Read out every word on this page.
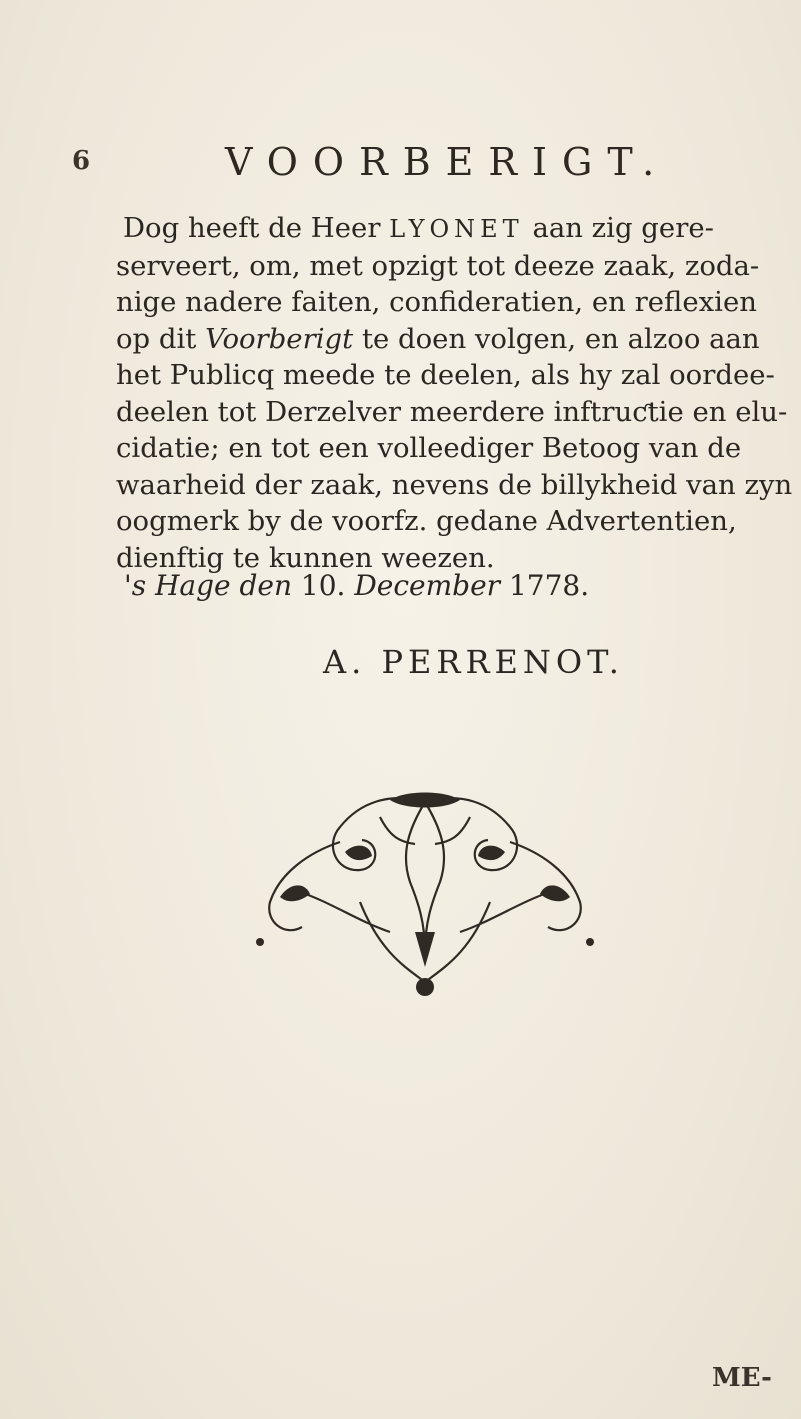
6	VOORBERIGT.
Dog heeft de Heer LYONET aan zig gere-
serveert, om, met opzigt tot deeze zaak, zoda-
nige nadere faiten, confideratien, en reflexien
op dit Voorberigt te doen volgen, en alzoo aan
het Publicq meede te deelen, als hy zal oordee-
deelen tot Derzelver meerdere inftruƈtie en elu-
cidatie; en tot een volleediger Betoog van de
waarheid der zaak, nevens de billykheid van zyn
oogmerk by de voorfz. gedane Advertentien,
dienftig te kunnen weezen.
's Hage den 10. December 1778.
A. PERRENOT.
ME-
